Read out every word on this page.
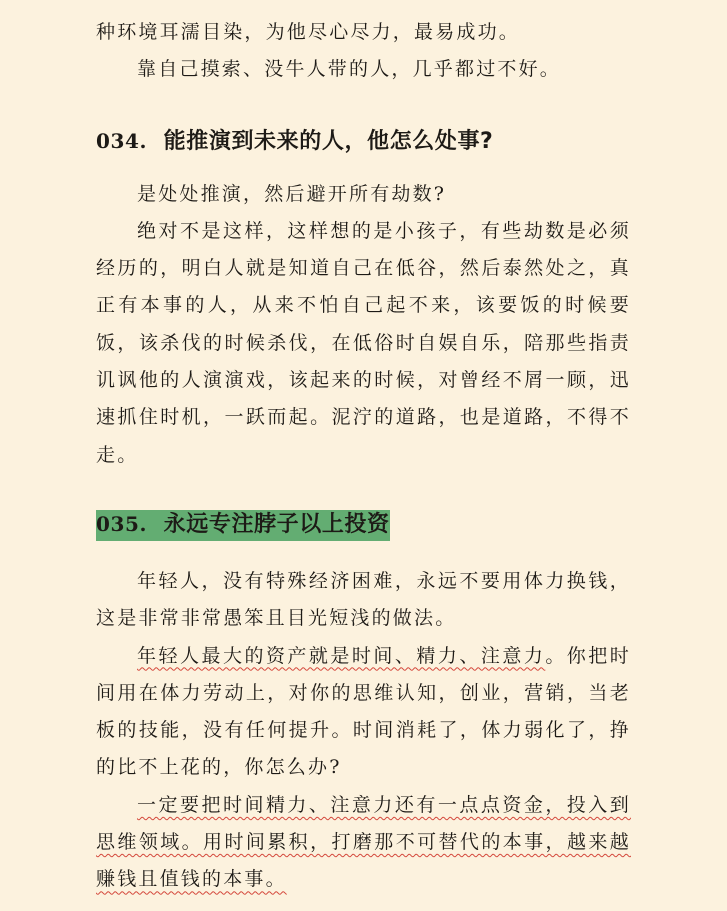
种环境耳濡目染，为他尽心尽力，最易成功。

靠自己摸索、没牛人带的人，几乎都过不好。

034. 能推演到未来的人，他怎么处事?

是处处推演，然后避开所有劫数?

绝对不是这样，这样想的是小孩子，有些劫数是必须经历的，明白人就是知道自己在低谷，然后泰然处之，真正有本事的人，从来不怕自己起不来，该要饭的时候要饭，该杀伐的时候杀伐，在低俗时自娱自乐，陪那些指责讥讽他的人演演戏，该起来的时候，对曾经不屑一顾，迅速抓住时机，一跃而起。泥泞的道路，也是道路，不得不走。

035. 永远专注脖子以上投资

年轻人，没有特殊经济困难，永远不要用体力换钱，这是非常非常愚笨且目光短浅的做法。

年轻人最大的资产就是时间、精力、注意力。你把时间用在体力劳动上，对你的思维认知，创业，营销，当老板的技能，没有任何提升。时间消耗了，体力弱化了，挣的比不上花的，你怎么办?

一定要把时间精力、注意力还有一点点资金，投入到思维领域。用时间累积，打磨那不可替代的本事，越来越赚钱且值钱的本事。
